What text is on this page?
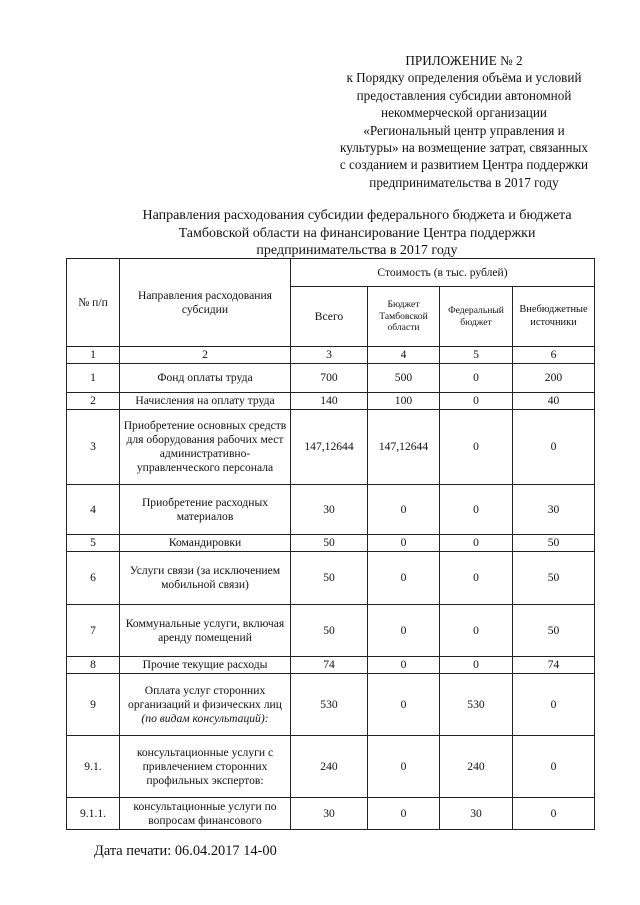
ПРИЛОЖЕНИЕ № 2
к Порядку определения объёма и условий
предоставления субсидии автономной
некоммерческой организации
«Региональный центр управления и
культуры» на возмещение затрат, связанных
с созданием и развитием Центра поддержки
предпринимательства в 2017 году
Направления расходования субсидии федерального бюджета и бюджета
Тамбовской области на финансирование Центра поддержки
предпринимательства в 2017 году
№ п/п	Направления расходования субсидии	Стоимость (в тыс. рублей)			
		Всего	Бюджет Тамбовской области	Федеральный бюджет	Внебюджетные источники
1	2	3	4	5	6
1	Фонд оплаты труда	700	500	0	200
2	Начисления на оплату труда	140	100	0	40
3	Приобретение основных средств для оборудования рабочих мест административно-управленческого персонала	147,12644	147,12644	0	0
4	Приобретение расходных материалов	30	0	0	30
5	Командировки	50	0	0	50
6	Услуги связи (за исключением мобильной связи)	50	0	0	50
7	Коммунальные услуги, включая аренду помещений	50	0	0	50
8	Прочие текущие расходы	74	0	0	74
9	Оплата услуг сторонних организаций и физических лиц
(по видам консультаций):	530	0	530	0
9.1.	консультационные услуги с привлечением сторонних профильных экспертов:	240	0	240	0
9.1.1.	консультационные услуги по вопросам финансового	30	0	30	0
Дата печати: 06.04.2017 14-00
